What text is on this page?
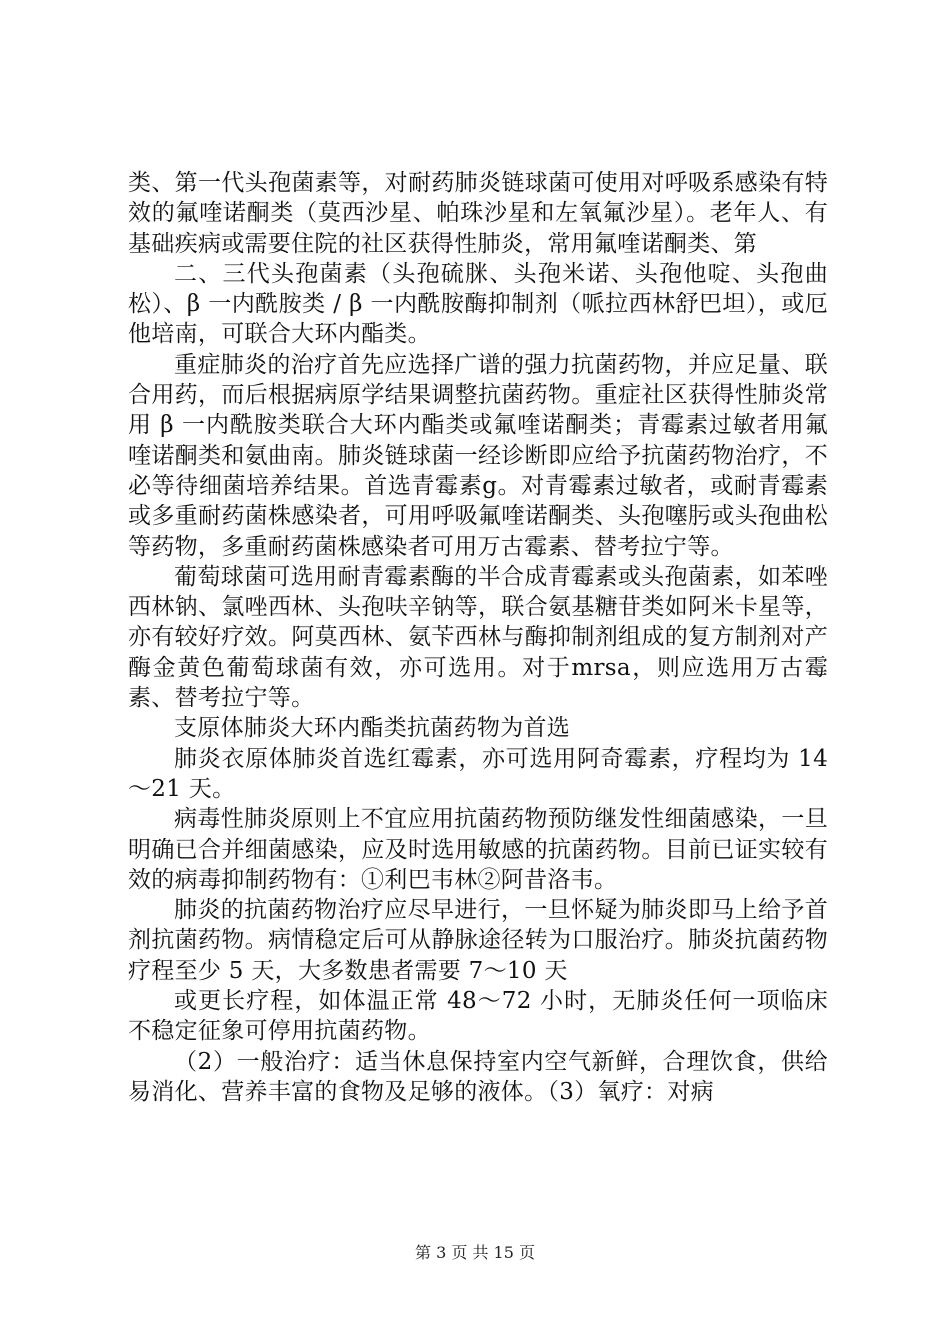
类、第一代头孢菌素等，对耐药肺炎链球菌可使用对呼吸系感染有特效的氟喹诺酮类（莫西沙星、帕珠沙星和左氧氟沙星）。老年人、有基础疾病或需要住院的社区获得性肺炎，常用氟喹诺酮类、第

二、三代头孢菌素（头孢硫脒、头孢米诺、头孢他啶、头孢曲松）、β 一内酰胺类 / β 一内酰胺酶抑制剂（哌拉西林舒巴坦），或厄他培南，可联合大环内酯类。

重症肺炎的治疗首先应选择广谱的强力抗菌药物，并应足量、联合用药，而后根据病原学结果调整抗菌药物。重症社区获得性肺炎常用 β 一内酰胺类联合大环内酯类或氟喹诺酮类；青霉素过敏者用氟喹诺酮类和氨曲南。肺炎链球菌一经诊断即应给予抗菌药物治疗，不必等待细菌培养结果。首选青霉素g。对青霉素过敏者，或耐青霉素或多重耐药菌株感染者，可用呼吸氟喹诺酮类、头孢噻肟或头孢曲松等药物，多重耐药菌株感染者可用万古霉素、替考拉宁等。

葡萄球菌可选用耐青霉素酶的半合成青霉素或头孢菌素，如苯唑西林钠、氯唑西林、头孢呋辛钠等，联合氨基糖苷类如阿米卡星等，亦有较好疗效。阿莫西林、氨苄西林与酶抑制剂组成的复方制剂对产酶金黄色葡萄球菌有效，亦可选用。对于mrsa，则应选用万古霉素、替考拉宁等。

支原体肺炎大环内酯类抗菌药物为首选

肺炎衣原体肺炎首选红霉素，亦可选用阿奇霉素，疗程均为 14～21 天。

病毒性肺炎原则上不宜应用抗菌药物预防继发性细菌感染，一旦明确已合并细菌感染，应及时选用敏感的抗菌药物。目前已证实较有效的病毒抑制药物有：①利巴韦林②阿昔洛韦。

肺炎的抗菌药物治疗应尽早进行，一旦怀疑为肺炎即马上给予首剂抗菌药物。病情稳定后可从静脉途径转为口服治疗。肺炎抗菌药物疗程至少 5 天，大多数患者需要 7～10 天

或更长疗程，如体温正常 48～72 小时，无肺炎任何一项临床不稳定征象可停用抗菌药物。

（2）一般治疗：适当休息保持室内空气新鲜，合理饮食，供给易消化、营养丰富的食物及足够的液体。（3）氧疗：对病

第 3 页 共 15 页
